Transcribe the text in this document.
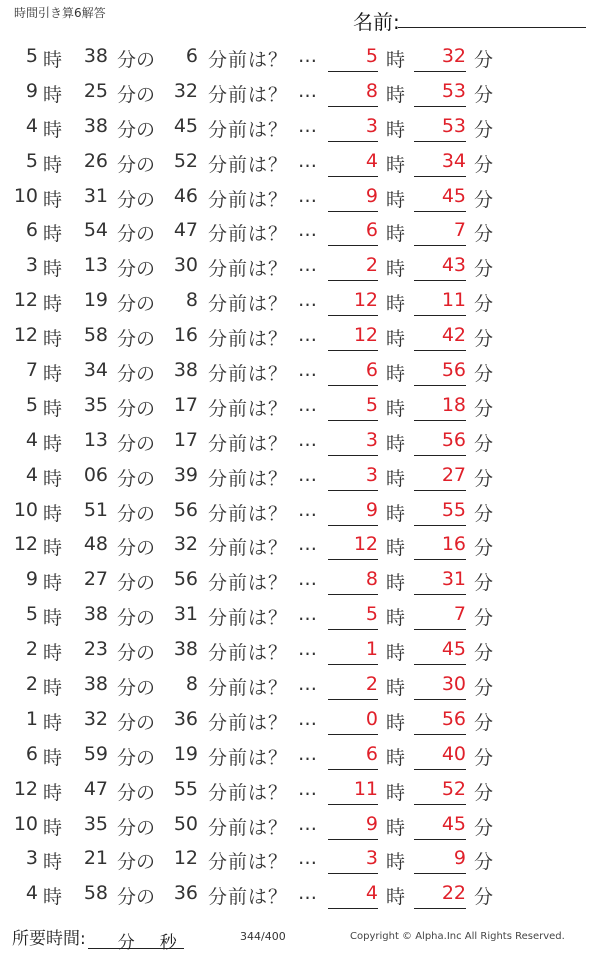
時間引き算6解答	名前:
5 時	38 分の	6 分前は？ …	5 時	32 分
9 時	25 分の 32 分前は？ …	8 時	53 分
4 時	38 分の 45 分前は？ …	3 時	53 分
5 時	26 分の 52 分前は？ …	4 時	34 分
10 時	31 分の 46 分前は？ …	9 時	45 分
6 時	54 分の 47 分前は？ …	6 時	7 分
3 時	13 分の 30 分前は？ …	2 時	43 分
12 時	19 分の	8 分前は？ …	12 時	11 分
12 時	58 分の 16 分前は？ …	12 時	42 分
7 時	34 分の 38 分前は？ …	6 時	56 分
5 時	35 分の 17 分前は？ …	5 時	18 分
4 時	13 分の 17 分前は？ …	3 時	56 分
4 時	06 分の 39 分前は？ …	3 時	27 分
10 時	51 分の 56 分前は？ …	9 時	55 分
12 時	48 分の 32 分前は？ …	12 時	16 分
9 時	27 分の 56 分前は？ …	8 時	31 分
5 時	38 分の 31 分前は？ …	5 時	7 分
2 時	23 分の 38 分前は？ …	1 時	45 分
2 時	38 分の	8 分前は？ …	2 時	30 分
1 時	32 分の 36 分前は？ …	0 時	56 分
6 時	59 分の 19 分前は？ …	6 時	40 分
12 時	47 分の 55 分前は？ …	11 時	52 分
10 時	35 分の 50 分前は？ …	9 時	45 分
3 時	21 分の 12 分前は？ …	3 時	9 分
4 時	58 分の 36 分前は？ …	4 時	22 分
所要時間: 分 秒	344/400	Copyright © Alpha.Inc All Rights Reserved.
